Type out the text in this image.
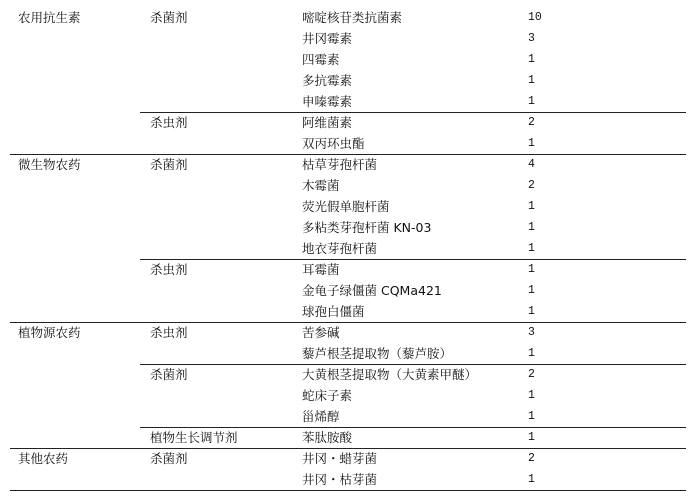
农用抗生素	杀菌剂	嘧啶核苷类抗菌素	10
井冈霉素	3
四霉素	1
多抗霉素	1
申嗪霉素	1
杀虫剂	阿维菌素	2
双丙环虫酯	1
微生物农药	杀菌剂	枯草芽孢杆菌	4
木霉菌	2
荧光假单胞杆菌	1
多粘类芽孢杆菌 KN-03	1
地衣芽孢杆菌	1
杀虫剂	耳霉菌	1
金龟子绿僵菌 CQMa421	1
球孢白僵菌	1
植物源农药	杀虫剂	苦参碱	3
藜芦根茎提取物（藜芦胺）	1
杀菌剂	大黄根茎提取物（大黄素甲醚）	2
蛇床子素	1
甾烯醇	1
植物生长调节剂	苯肽胺酸	1
其他农药	杀菌剂	井冈・蜡芽菌	2
井冈・枯芽菌	1
